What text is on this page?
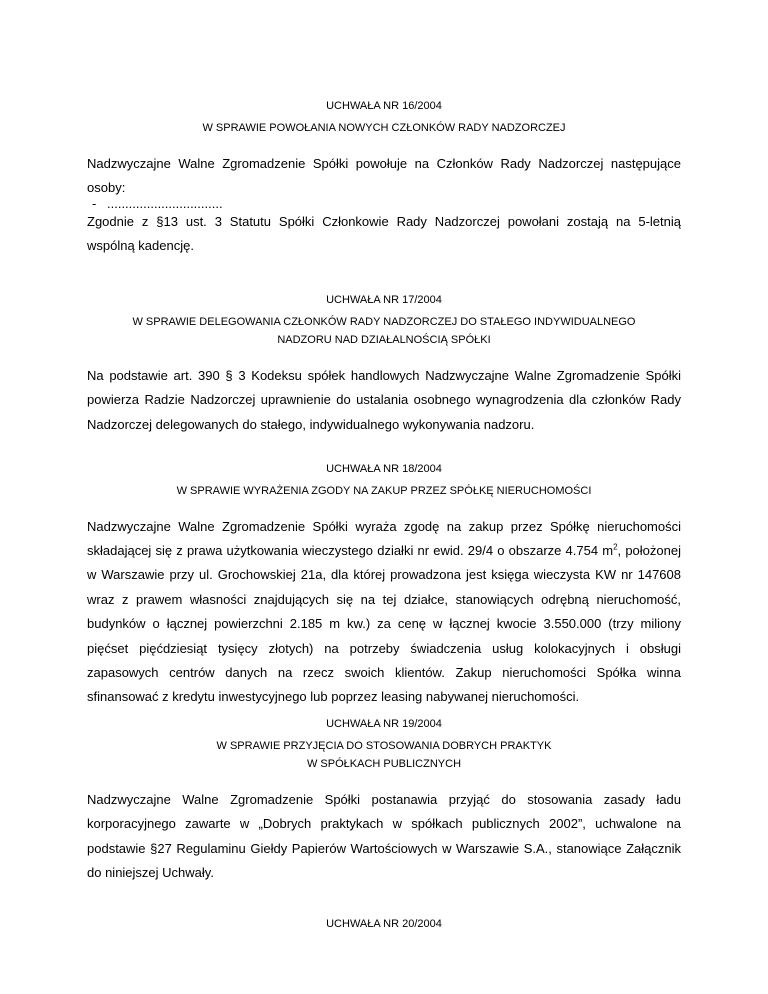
UCHWAŁA NR 16/2004
W SPRAWIE POWOŁANIA NOWYCH CZŁONKÓW RADY NADZORCZEJ
Nadzwyczajne Walne Zgromadzenie Spółki powołuje na Członków Rady Nadzorczej następujące
osoby:
- ................................
Zgodnie z §13 ust. 3 Statutu Spółki Członkowie Rady Nadzorczej powołani zostają na 5-letnią
wspólną kadencję.
UCHWAŁA NR 17/2004
W SPRAWIE DELEGOWANIA CZŁONKÓW RADY NADZORCZEJ DO STAŁEGO INDYWIDUALNEGO
NADZORU NAD DZIAŁALNOŚCIĄ SPÓŁKI
Na podstawie art. 390 § 3 Kodeksu spółek handlowych Nadzwyczajne Walne Zgromadzenie Spółki
powierza Radzie Nadzorczej uprawnienie do ustalania osobnego wynagrodzenia dla członków Rady
Nadzorczej delegowanych do stałego, indywidualnego wykonywania nadzoru.
UCHWAŁA NR 18/2004
W SPRAWIE WYRAŻENIA ZGODY NA ZAKUP PRZEZ SPÓŁKĘ NIERUCHOMOŚCI
Nadzwyczajne Walne Zgromadzenie Spółki wyraża zgodę na zakup przez Spółkę nieruchomości
składającej się z prawa użytkowania wieczystego działki nr ewid. 29/4 o obszarze 4.754 $m^2$, położonej
w Warszawie przy ul. Grochowskiej 21a, dla której prowadzona jest księga wieczysta KW nr 147608
wraz z prawem własności znajdujących się na tej działce, stanowiących odrębną nieruchomość,
budynków o łącznej powierzchni 2.185 m kw.) za cenę w łącznej kwocie 3.550.000 (trzy miliony
pięćset pięćdziesiąt tysięcy złotych) na potrzeby świadczenia usług kolokacyjnych i obsługi
zapasowych centrów danych na rzecz swoich klientów. Zakup nieruchomości Spółka winna
sfinansować z kredytu inwestycyjnego lub poprzez leasing nabywanej nieruchomości.
UCHWAŁA NR 19/2004
W SPRAWIE PRZYJĘCIA DO STOSOWANIA DOBRYCH PRAKTYK
W SPÓŁKACH PUBLICZNYCH
Nadzwyczajne Walne Zgromadzenie Spółki postanawia przyjąć do stosowania zasady ładu
korporacyjnego zawarte w „Dobrych praktykach w spółkach publicznych 2002”, uchwalone na
podstawie §27 Regulaminu Giełdy Papierów Wartościowych w Warszawie S.A., stanowiące Załącznik
do niniejszej Uchwały.
UCHWAŁA NR 20/2004
